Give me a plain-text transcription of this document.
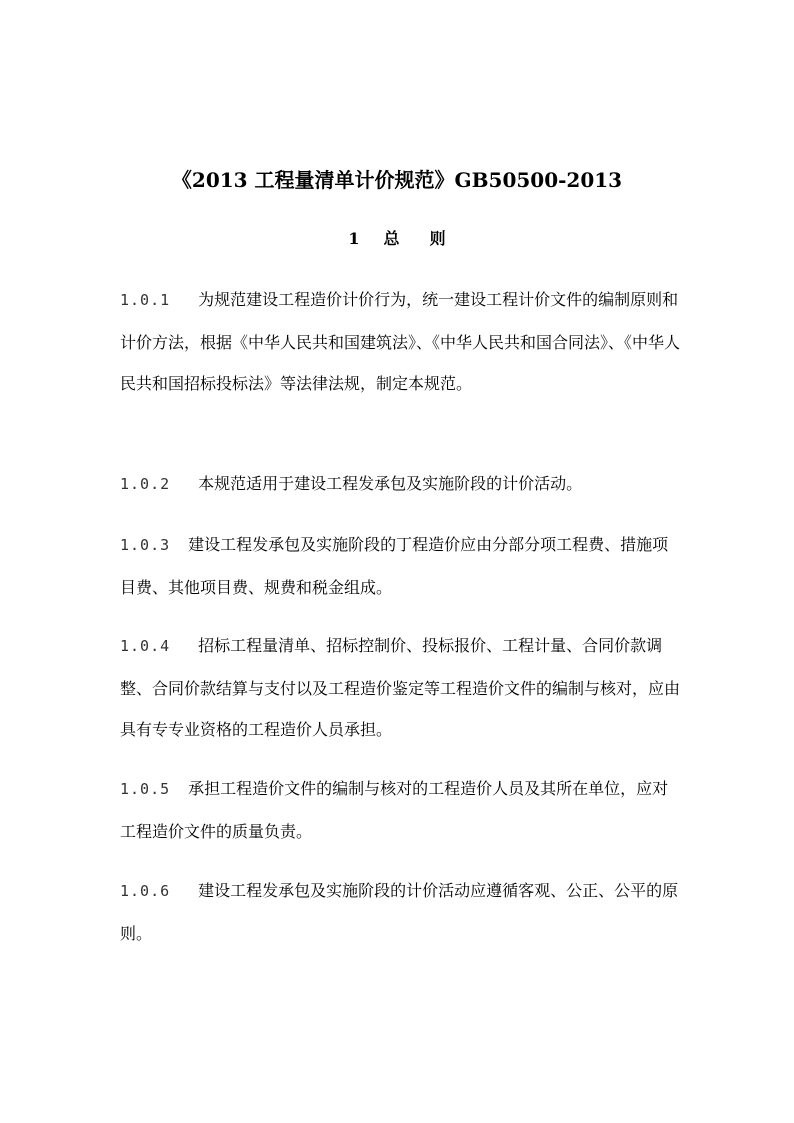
《2013 工程量清单计价规范》GB50500-2013
1 总 则
1.0.1 为规范建设工程造价计价行为，统一建设工程计价文件的编制原则和计价方法，根据《中华人民共和国建筑法》、《中华人民共和国合同法》、《中华人民共和国招标投标法》等法律法规，制定本规范。
1.0.2 本规范适用于建设工程发承包及实施阶段的计价活动。
1.0.3 建设工程发承包及实施阶段的丁程造价应由分部分项工程费、措施项目费、其他项目费、规费和税金组成。
1.0.4 招标工程量清单、招标控制价、投标报价、工程计量、合同价款调整、合同价款结算与支付以及工程造价鉴定等工程造价文件的编制与核对，应由具有专专业资格的工程造价人员承担。
1.0.5 承担工程造价文件的编制与核对的工程造价人员及其所在单位，应对工程造价文件的质量负责。
1.0.6 建设工程发承包及实施阶段的计价活动应遵循客观、公正、公平的原则。
